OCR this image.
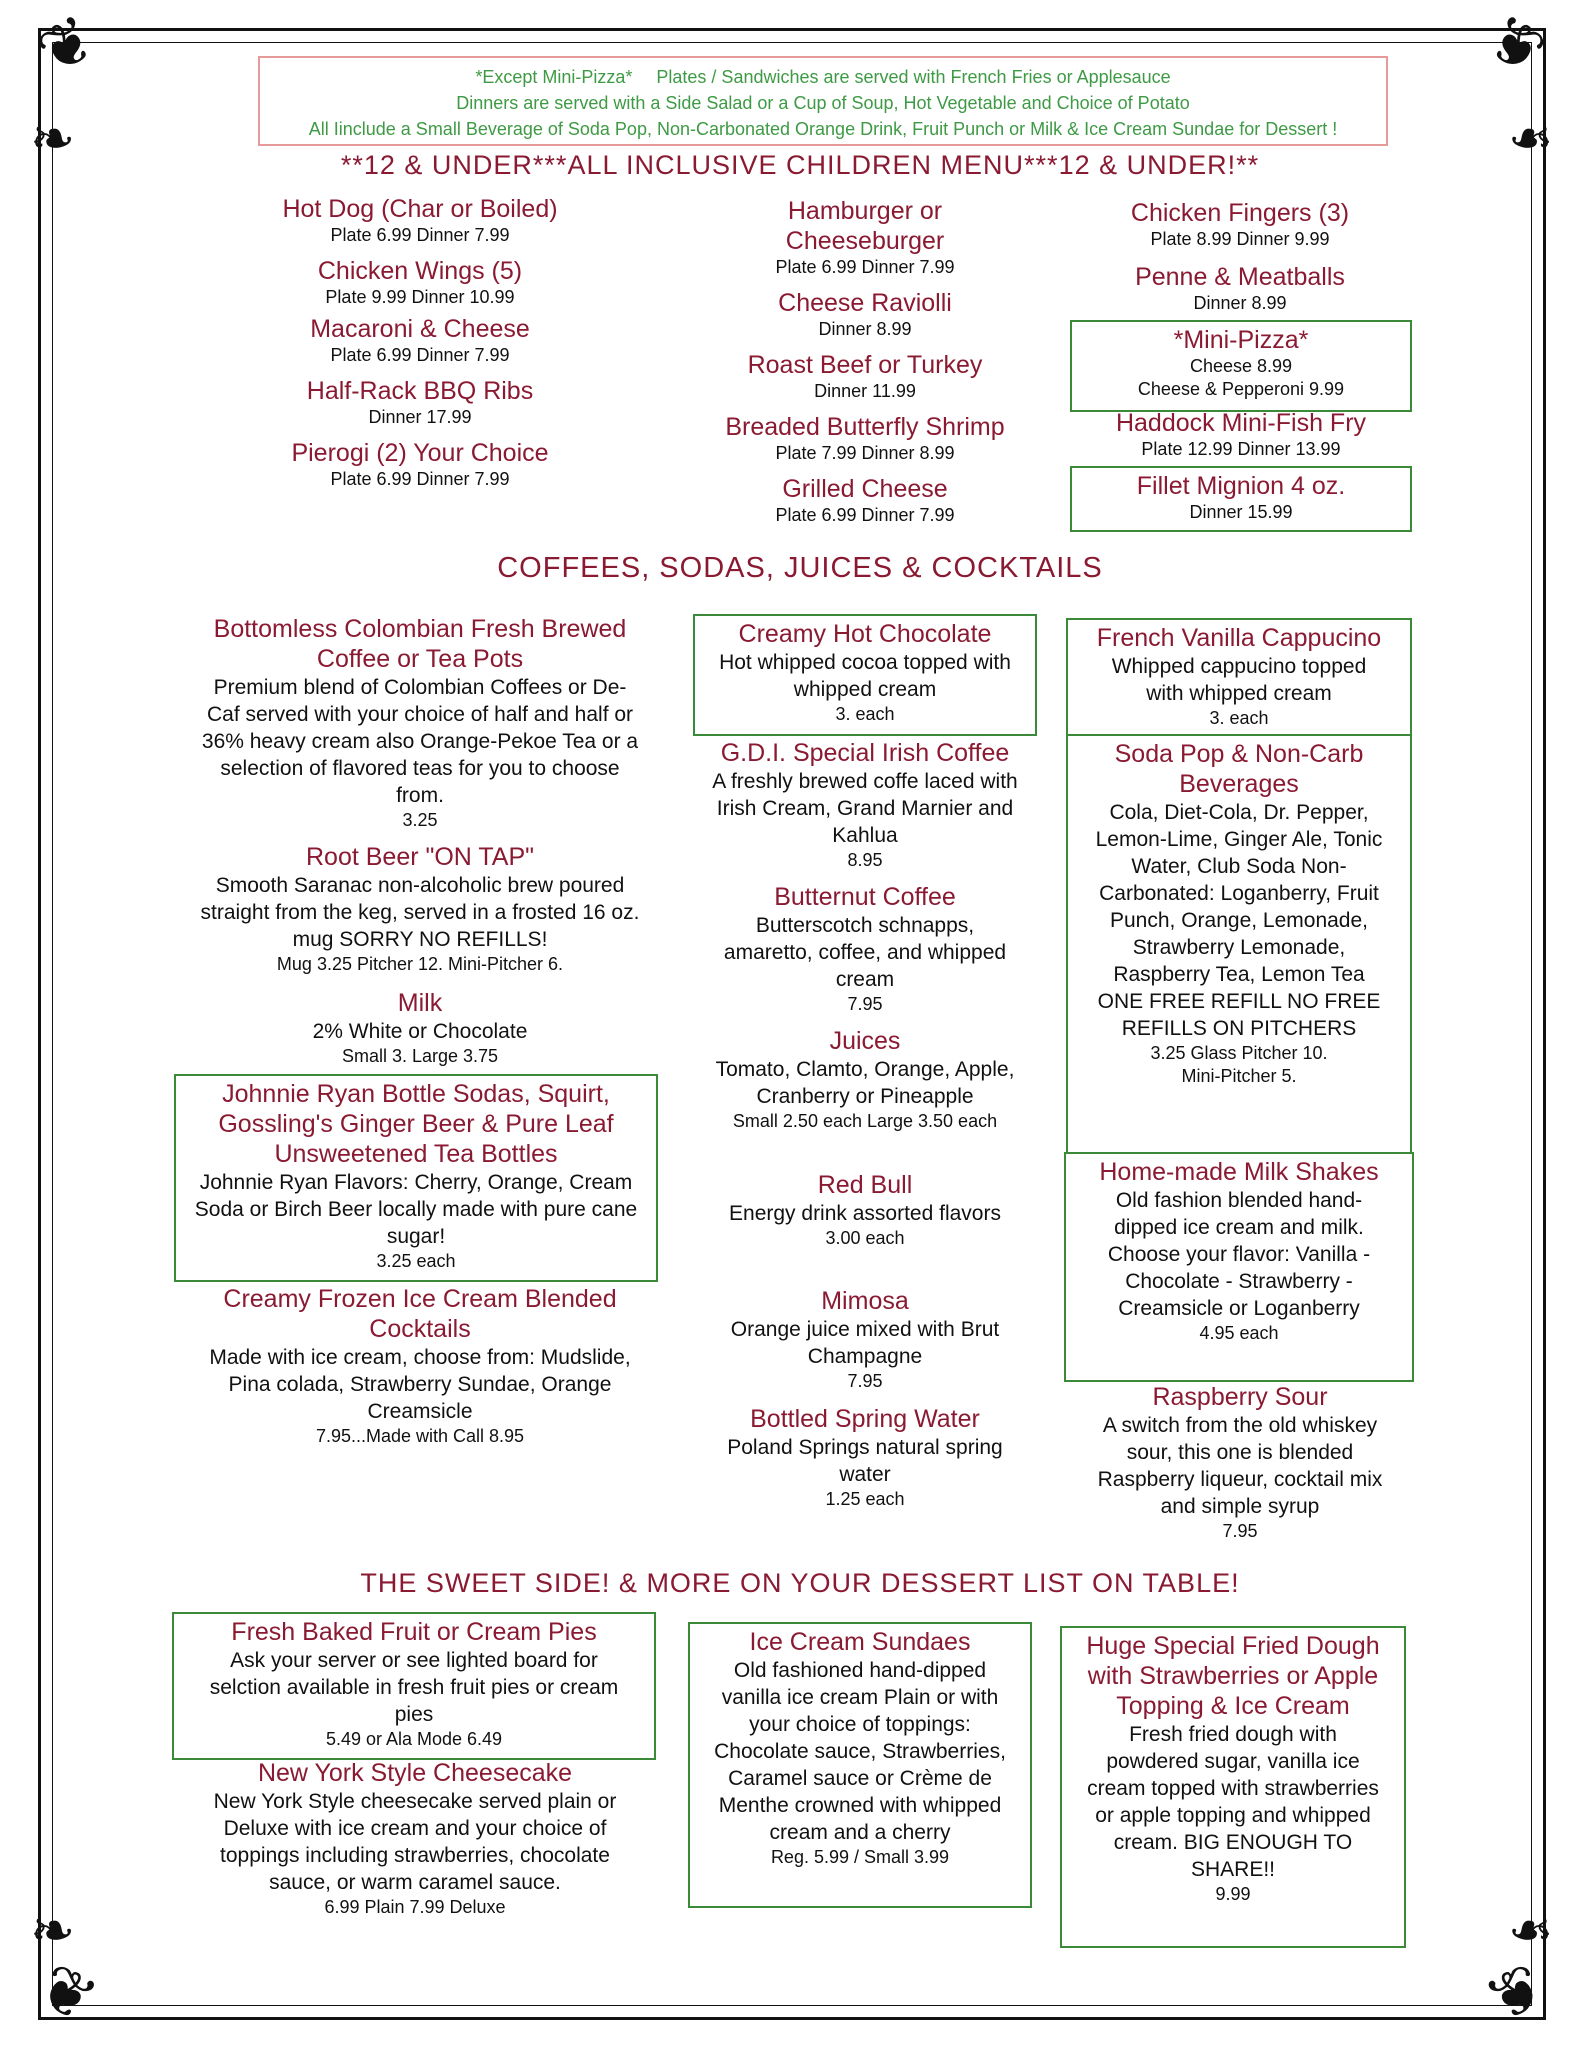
❦	❦
❦	❦
❧	❧
❧	❧
*Except Mini-Pizza* Plates / Sandwiches are served with French Fries or Applesauce
Dinners are served with a Side Salad or a Cup of Soup, Hot Vegetable and Choice of Potato
All Iinclude a Small Beverage of Soda Pop, Non-Carbonated Orange Drink, Fruit Punch or Milk & Ice Cream Sundae for Dessert !
**12 & UNDER***ALL INCLUSIVE CHILDREN MENU***12 & UNDER!**
Hot Dog (Char or Boiled)
Plate 6.99 Dinner 7.99
Chicken Wings (5)
Plate 9.99 Dinner 10.99
Macaroni & Cheese
Plate 6.99 Dinner 7.99
Half-Rack BBQ Ribs
Dinner 17.99
Pierogi (2) Your Choice
Plate 6.99 Dinner 7.99
Hamburger or Cheeseburger
Plate 6.99 Dinner 7.99
Cheese Raviolli
Dinner 8.99
Roast Beef or Turkey
Dinner 11.99
Breaded Butterfly Shrimp
Plate 7.99 Dinner 8.99
Grilled Cheese
Plate 6.99 Dinner 7.99
Chicken Fingers (3)
Plate 8.99 Dinner 9.99
Penne & Meatballs
Dinner 8.99
*Mini-Pizza*
Cheese 8.99
Cheese & Pepperoni 9.99
Haddock Mini-Fish Fry
Plate 12.99 Dinner 13.99
Fillet Mignion 4 oz.
Dinner 15.99
COFFEES, SODAS, JUICES & COCKTAILS
Bottomless Colombian Fresh Brewed Coffee or Tea Pots
Premium blend of Colombian Coffees or De-Caf served with your choice of half and half or 36% heavy cream also Orange-Pekoe Tea or a selection of flavored teas for you to choose from.
3.25
Root Beer "ON TAP"
Smooth Saranac non-alcoholic brew poured straight from the keg, served in a frosted 16 oz. mug SORRY NO REFILLS!
Mug 3.25 Pitcher 12. Mini-Pitcher 6.
Milk
2% White or Chocolate
Small 3. Large 3.75
Johnnie Ryan Bottle Sodas, Squirt, Gossling's Ginger Beer & Pure Leaf Unsweetened Tea Bottles
Johnnie Ryan Flavors: Cherry, Orange, Cream Soda or Birch Beer locally made with pure cane sugar!
3.25 each
Creamy Frozen Ice Cream Blended Cocktails
Made with ice cream, choose from: Mudslide, Pina colada, Strawberry Sundae, Orange Creamsicle
7.95...Made with Call 8.95
Creamy Hot Chocolate
Hot whipped cocoa topped with whipped cream
3. each
G.D.I. Special Irish Coffee
A freshly brewed coffe laced with Irish Cream, Grand Marnier and Kahlua
8.95
Butternut Coffee
Butterscotch schnapps, amaretto, coffee, and whipped cream
7.95
Juices
Tomato, Clamto, Orange, Apple, Cranberry or Pineapple
Small 2.50 each Large 3.50 each
Red Bull
Energy drink assorted flavors
3.00 each
Mimosa
Orange juice mixed with Brut Champagne
7.95
Bottled Spring Water
Poland Springs natural spring water
1.25 each
French Vanilla Cappucino
Whipped cappucino topped with whipped cream
3. each
Soda Pop & Non-Carb Beverages
Cola, Diet-Cola, Dr. Pepper, Lemon-Lime, Ginger Ale, Tonic Water, Club Soda Non-Carbonated: Loganberry, Fruit Punch, Orange, Lemonade, Strawberry Lemonade, Raspberry Tea, Lemon Tea ONE FREE REFILL NO FREE REFILLS ON PITCHERS
3.25 Glass Pitcher 10.
Mini-Pitcher 5.
Home-made Milk Shakes
Old fashion blended hand-dipped ice cream and milk. Choose your flavor: Vanilla - Chocolate - Strawberry - Creamsicle or Loganberry
4.95 each
Raspberry Sour
A switch from the old whiskey sour, this one is blended Raspberry liqueur, cocktail mix and simple syrup
7.95
THE SWEET SIDE! & MORE ON YOUR DESSERT LIST ON TABLE!
Fresh Baked Fruit or Cream Pies
Ask your server or see lighted board for selction available in fresh fruit pies or cream pies
5.49 or Ala Mode 6.49
New York Style Cheesecake
New York Style cheesecake served plain or Deluxe with ice cream and your choice of toppings including strawberries, chocolate sauce, or warm caramel sauce.
6.99 Plain 7.99 Deluxe
Ice Cream Sundaes
Old fashioned hand-dipped vanilla ice cream Plain or with your choice of toppings: Chocolate sauce, Strawberries, Caramel sauce or Crème de Menthe crowned with whipped cream and a cherry
Reg. 5.99 / Small 3.99
Huge Special Fried Dough with Strawberries or Apple Topping & Ice Cream
Fresh fried dough with powdered sugar, vanilla ice cream topped with strawberries or apple topping and whipped cream. BIG ENOUGH TO SHARE!!
9.99
